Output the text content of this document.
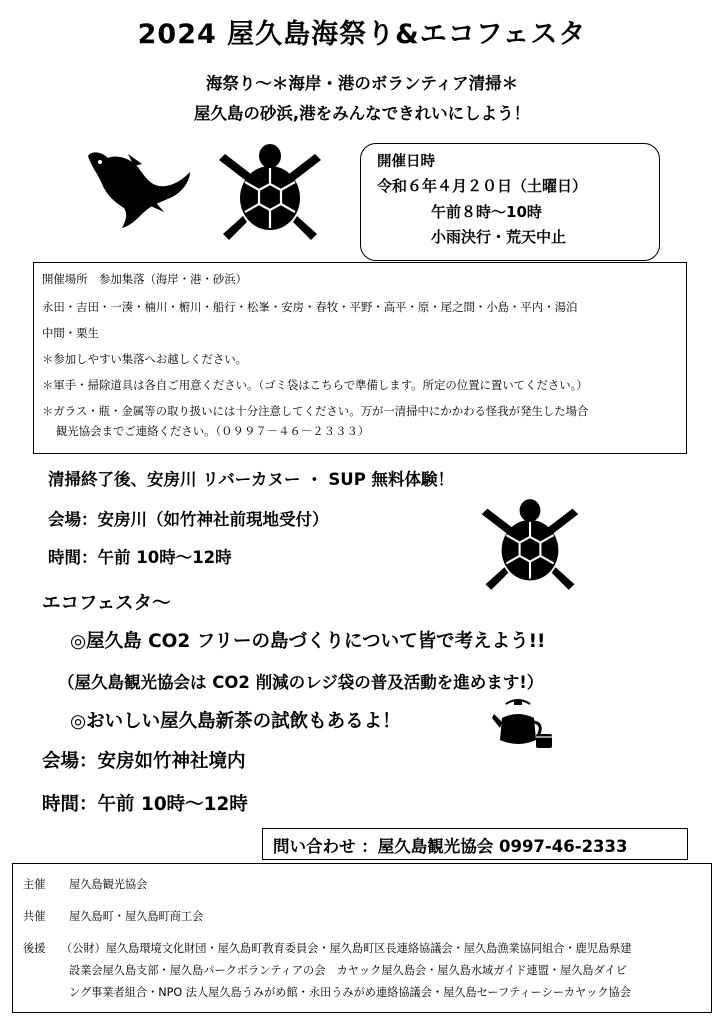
2024 屋久島海祭り&エコフェスタ
海祭り～＊海岸・港のボランティア清掃＊
屋久島の砂浜,港をみんなできれいにしよう！
開催日時
令和６年４月２０日（土曜日）
午前８時～10時
小雨決行・荒天中止
開催場所　参加集落（海岸・港・砂浜）
永田・吉田・一湊・楠川・椨川・船行・松峯・安房・春牧・平野・高平・原・尾之間・小島・平内・湯泊
中間・栗生
＊参加しやすい集落へお越しください。
＊軍手・掃除道具は各自ご用意ください。（ゴミ袋はこちらで準備します。所定の位置に置いてください。）
＊ガラス・瓶・金属等の取り扱いには十分注意してください。万が一清掃中にかかわる怪我が発生した場合
観光協会までご連絡ください。（０９９７－４６－２３３３）
清掃終了後、安房川 リバーカヌー ・ SUP 無料体験！
会場：安房川（如竹神社前現地受付）
時間：午前 10時～12時
エコフェスタ～
◎屋久島 CO2 フリーの島づくりについて皆で考えよう!!
（屋久島観光協会は CO2 削減のレジ袋の普及活動を進めます!）
◎おいしい屋久島新茶の試飲もあるよ！
会場：安房如竹神社境内
時間：午前 10時～12時
問い合わせ ：屋久島観光協会 0997‐46‐2333
主催 屋久島観光協会
共催 屋久島町・屋久島町商工会
後援 （公財）屋久島環境文化財団・屋久島町教育委員会・屋久島町区長連絡協議会・屋久島漁業協同組合・鹿児島県建
設業会屋久島支部・屋久島パークボランティアの会　カヤック屋久島会・屋久島水域ガイド連盟・屋久島ダイビ
ング事業者組合・NPO 法人屋久島うみがめ館・永田うみがめ連絡協議会・屋久島セーフティーシーカヤック協会
